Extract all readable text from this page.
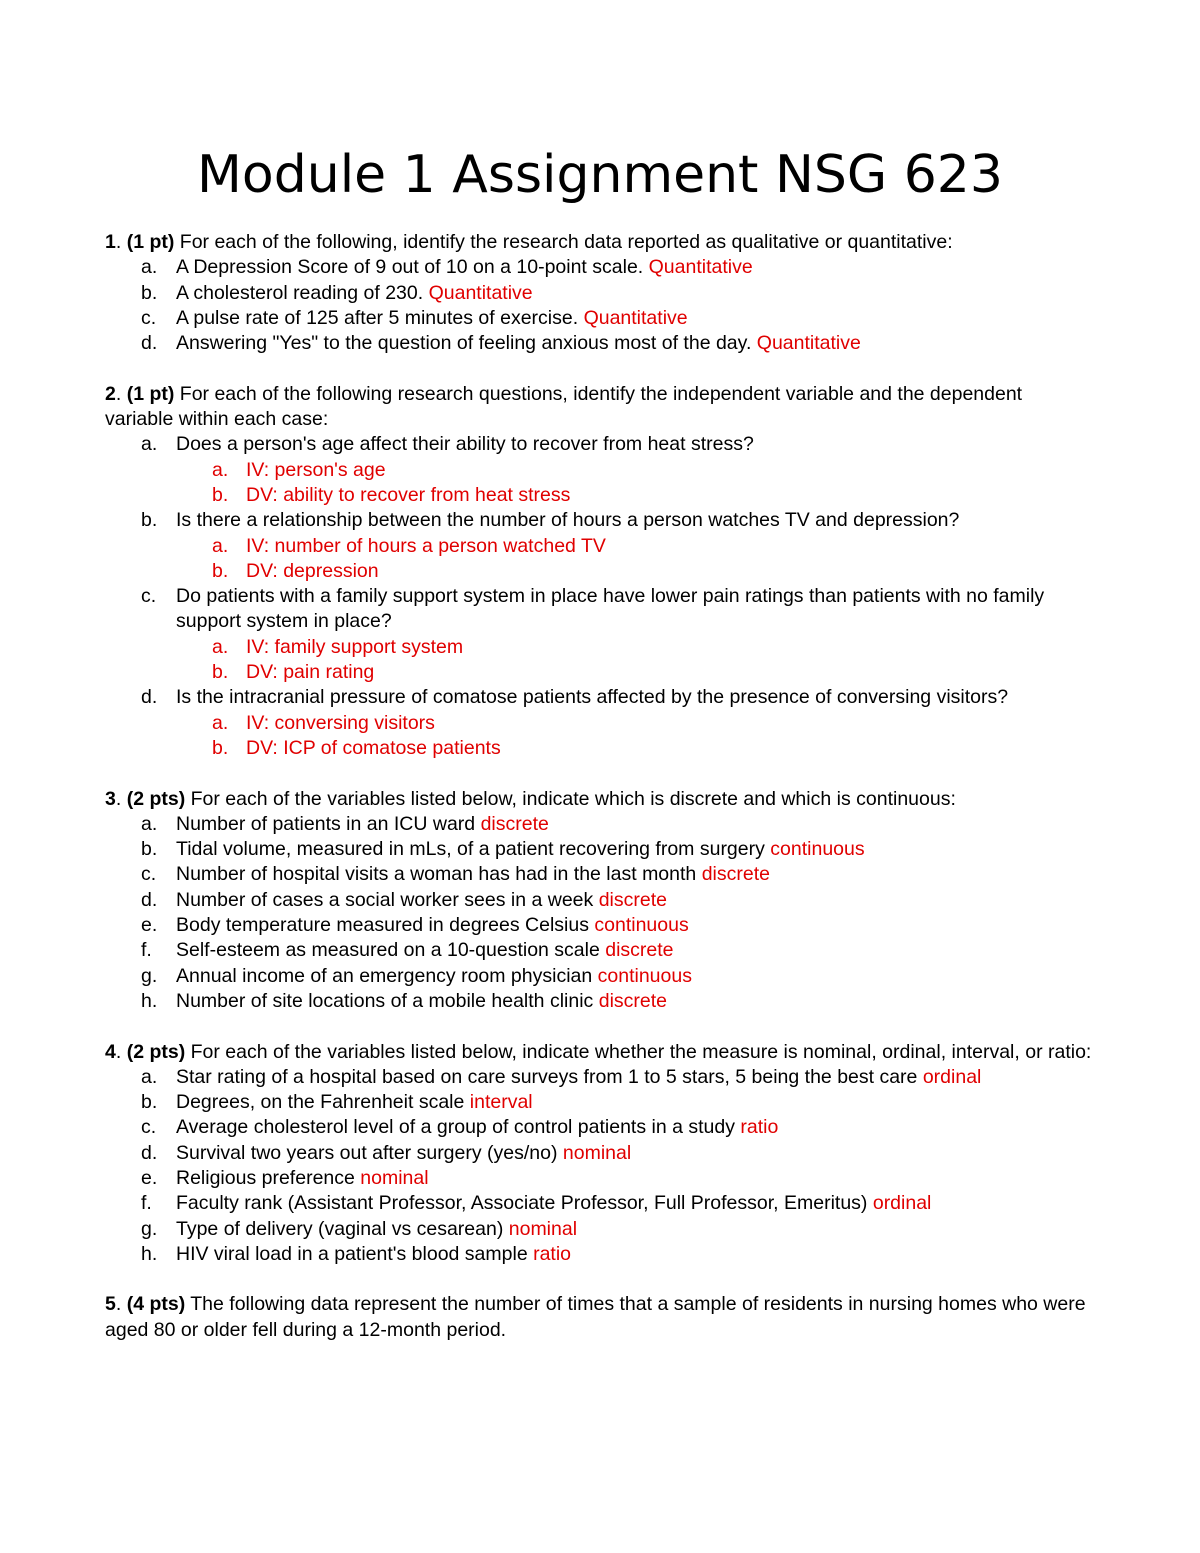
Module 1 Assignment NSG 623

1. (1 pt) For each of the following, identify the research data reported as qualitative or quantitative:

a. A Depression Score of 9 out of 10 on a 10-point scale. Quantitative
b. A cholesterol reading of 230. Quantitative
c. A pulse rate of 125 after 5 minutes of exercise. Quantitative
d. Answering "Yes" to the question of feeling anxious most of the day. Quantitative

2. (1 pt) For each of the following research questions, identify the independent variable and the dependent variable within each case:

a. Does a person's age affect their ability to recover from heat stress?
a. IV: person's age
b. DV: ability to recover from heat stress
b. Is there a relationship between the number of hours a person watches TV and depression?
a. IV: number of hours a person watched TV
b. DV: depression
c. Do patients with a family support system in place have lower pain ratings than patients with no family support system in place?
a. IV: family support system
b. DV: pain rating
d. Is the intracranial pressure of comatose patients affected by the presence of conversing visitors?
a. IV: conversing visitors
b. DV: ICP of comatose patients

3. (2 pts) For each of the variables listed below, indicate which is discrete and which is continuous:

a. Number of patients in an ICU ward discrete
b. Tidal volume, measured in mLs, of a patient recovering from surgery continuous
c. Number of hospital visits a woman has had in the last month discrete
d. Number of cases a social worker sees in a week discrete
e. Body temperature measured in degrees Celsius continuous
f. Self-esteem as measured on a 10-question scale discrete
g. Annual income of an emergency room physician continuous
h. Number of site locations of a mobile health clinic discrete

4. (2 pts) For each of the variables listed below, indicate whether the measure is nominal, ordinal, interval, or ratio:

a. Star rating of a hospital based on care surveys from 1 to 5 stars, 5 being the best care ordinal
b. Degrees, on the Fahrenheit scale interval
c. Average cholesterol level of a group of control patients in a study ratio
d. Survival two years out after surgery (yes/no) nominal
e. Religious preference nominal
f. Faculty rank (Assistant Professor, Associate Professor, Full Professor, Emeritus) ordinal
g. Type of delivery (vaginal vs cesarean) nominal
h. HIV viral load in a patient's blood sample ratio

5. (4 pts) The following data represent the number of times that a sample of residents in nursing homes who were aged 80 or older fell during a 12-month period.
